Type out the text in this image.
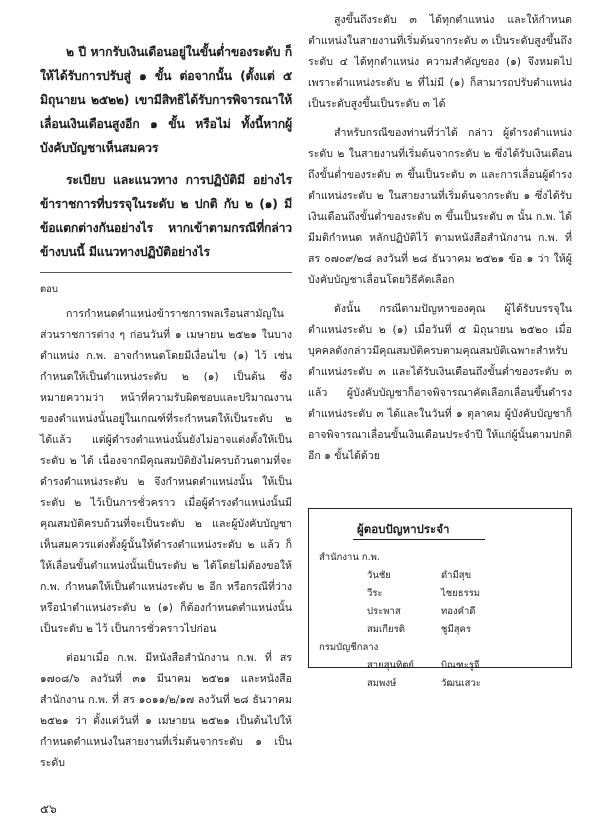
๒ ปี หากรับเงินเดือนอยู่ในขั้นต่ำของระดับ ก็ให้ได้รับการปรับสู่ ๑ ขั้น ต่อจากนั้น (ตั้งแต่ ๕ มิถุนายน ๒๕๒๒) เขามีสิทธิได้รับการพิจารณาให้เลื่อนเงินเดือนสูงอีก ๑ ขั้น หรือไม่ ทั้งนี้หากผู้บังคับบัญชาเห็นสมควร

ระเบียบ และแนวทาง การปฏิบัติมี อย่างไร ข้าราชการที่บรรจุในระดับ ๒ ปกติ กับ ๒ (๑) มีข้อแตกต่างกันอย่างไร หากเข้าตามกรณีที่กล่าวข้างบนนี้ มีแนวทางปฏิบัติอย่างไร

ตอบ

การกำหนดตำแหน่งข้าราชการพลเรือนสามัญในส่วนราชการต่าง ๆ ก่อนวันที่ ๑ เมษายน ๒๕๒๑ ในบางตำแหน่ง ก.พ. อาจกำหนดโดยมีเงื่อนไข (๑) ไว้ เช่น กำหนดให้เป็นตำแหน่งระดับ ๒ (๑) เป็นต้น ซึ่งหมายความว่า หน้าที่ความรับผิดชอบและปริมาณงานของตำแหน่งนั้นอยู่ในเกณฑ์ที่ระกำหนดให้เป็นระดับ ๒ ได้แล้ว แต่ผู้ดำรงตำแหน่งนั้นยังไม่อาจแต่งตั้งให้เป็นระดับ ๒ ได้ เนื่องจากมีคุณสมบัติยังไม่ครบถ้วนตามที่จะดำรงตำแหน่งระดับ ๒ จึงกำหนดตำแหน่งนั้น ให้เป็นระดับ ๒ ไว้เป็นการชั่วคราว เมื่อผู้ดำรงตำแหน่งนั้นมีคุณสมบัติครบถ้วนที่จะเป็นระดับ ๒ และผู้บังคับบัญชาเห็นสมควรแต่งตั้งผู้นั้นให้ดำรงตำแหน่งระดับ ๒ แล้ว ก็ให้เลื่อนขั้นตำแหน่งนั้นเป็นระดับ ๒ ได้โดยไม่ต้องขอให้ ก.พ. กำหนดให้เป็นตำแหน่งระดับ ๒ อีก หรือกรณีที่ว่างหรือนำตำแหน่งระดับ ๒ (๑) ก็ต้องกำหนดตำแหน่งนั้นเป็นระดับ ๒ ไว้ เป็นการชั่วคราวไปก่อน

ต่อมาเมื่อ ก.พ. มีหนังสือสำนักงาน ก.พ. ที่ สร ๑๗๐๘/๖ ลงวันที่ ๓๑ มีนาคม ๒๕๒๑ และหนังสือสำนักงาน ก.พ. ที่ สร ๑๐๑๑/๒/๑๗ ลงวันที่ ๒๘ ธันวาคม ๒๕๒๑ ว่า ตั้งแต่วันที่ ๑ เมษายน ๒๕๒๑ เป็นต้นไปให้กำหนดตำแหน่งในสายงานที่เริ่มต้นจากระดับ ๑ เป็นระดับ

สูงขึ้นถึงระดับ ๓ ได้ทุกตำแหน่ง และให้กำหนดตำแหน่งในสายงานที่เริ่มต้นจากระดับ ๓ เป็นระดับสูงขึ้นถึงระดับ ๔ ได้ทุกตำแหน่ง ความสำคัญของ (๑) จึงหมดไป เพราะตำแหน่งระดับ ๒ ที่ไม่มี (๑) ก็สามารถปรับตำแหน่งเป็นระดับสูงขึ้นเป็นระดับ ๓ ได้

สำหรับกรณีของท่านที่ว่าได้ กล่าว ผู้ดำรงตำแหน่งระดับ ๒ ในสายงานที่เริ่มต้นจากระดับ ๒ ซึ่งได้รับเงินเดือนถึงขั้นต่ำของระดับ ๓ ขึ้นเป็นระดับ ๓ และการเลื่อนผู้ดำรงตำแหน่งระดับ ๒ ในสายงานที่เริ่มต้นจากระดับ ๑ ซึ่งได้รับเงินเดือนถึงขั้นต่ำของระดับ ๓ ขึ้นเป็นระดับ ๓ นั้น ก.พ. ได้มีมติกำหนด หลักปฏิบัติไว้ ตามหนังสือสำนักงาน ก.พ. ที่ สร ๐๗๐๙/๒๘ ลงวันที่ ๒๘ ธันวาคม ๒๕๒๑ ข้อ ๑ ว่า ให้ผู้บังคับบัญชาเลื่อนโดยวิธีคัดเลือก

ดังนั้น กรณีตามปัญหาของคุณ ผู้ได้รับบรรจุในตำแหน่งระดับ ๒ (๑) เมื่อวันที่ ๕ มิถุนายน ๒๕๒๐ เมื่อบุคคลดังกล่าวมีคุณสมบัติครบตามคุณสมบัติเฉพาะสำหรับตำแหน่งระดับ ๓ และได้รับเงินเดือนถึงขั้นต่ำของระดับ ๓ แล้ว ผู้บังคับบัญชาก็อาจพิจารณาคัดเลือกเลื่อนขึ้นดำรงตำแหน่งระดับ ๓ ได้และในวันที่ ๑ ตุลาคม ผู้บังคับบัญชาก็อาจพิจารณาเลื่อนขั้นเงินเดือนประจำปี ให้แก่ผู้นั้นตามปกติอีก ๑ ขั้นได้ด้วย

ผู้ตอบปัญหาประจำ
สำนักงาน ก.พ.
วันชัย	ดำมีสุข
วีระ	ไชยธรรม
ประพาส	ทองคำดี
สมเกียรติ	ชูมีสุคร
กรมบัญชีกลาง
สายสุนทิตย์	บิณฑะรูจี
สมพงษ์	วัฒนเสวะ
๕๖
